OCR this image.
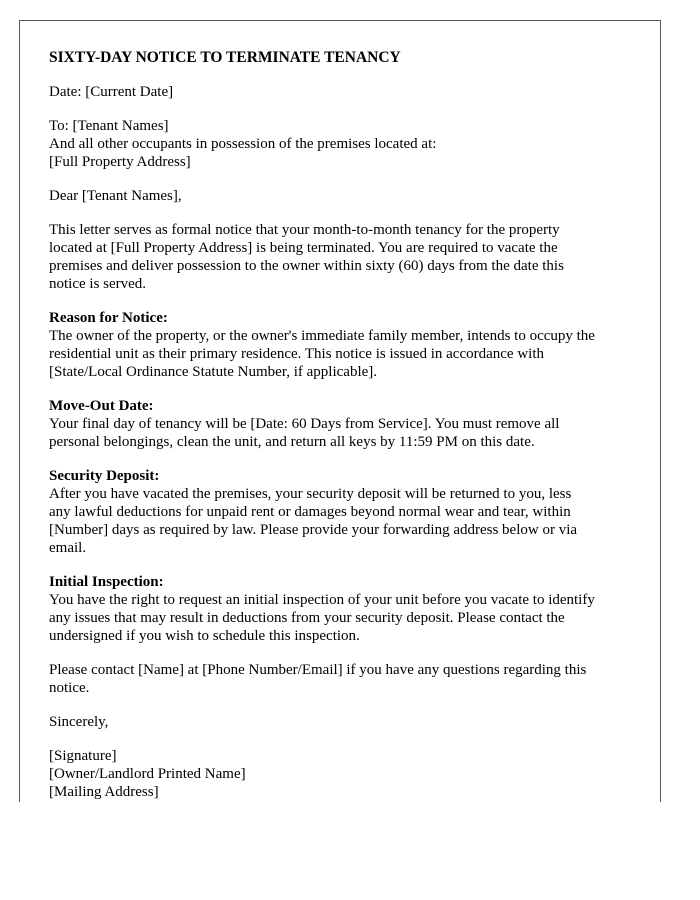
SIXTY-DAY NOTICE TO TERMINATE TENANCY
Date: [Current Date]
To: [Tenant Names]
And all other occupants in possession of the premises located at:
[Full Property Address]
Dear [Tenant Names],
This letter serves as formal notice that your month-to-month tenancy for the property
located at [Full Property Address] is being terminated. You are required to vacate the
premises and deliver possession to the owner within sixty (60) days from the date this
notice is served.
Reason for Notice:
The owner of the property, or the owner's immediate family member, intends to occupy the
residential unit as their primary residence. This notice is issued in accordance with
[State/Local Ordinance Statute Number, if applicable].
Move-Out Date:
Your final day of tenancy will be [Date: 60 Days from Service]. You must remove all
personal belongings, clean the unit, and return all keys by 11:59 PM on this date.
Security Deposit:
After you have vacated the premises, your security deposit will be returned to you, less
any lawful deductions for unpaid rent or damages beyond normal wear and tear, within
[Number] days as required by law. Please provide your forwarding address below or via
email.
Initial Inspection:
You have the right to request an initial inspection of your unit before you vacate to identify
any issues that may result in deductions from your security deposit. Please contact the
undersigned if you wish to schedule this inspection.
Please contact [Name] at [Phone Number/Email] if you have any questions regarding this
notice.
Sincerely,
[Signature]
[Owner/Landlord Printed Name]
[Mailing Address]
